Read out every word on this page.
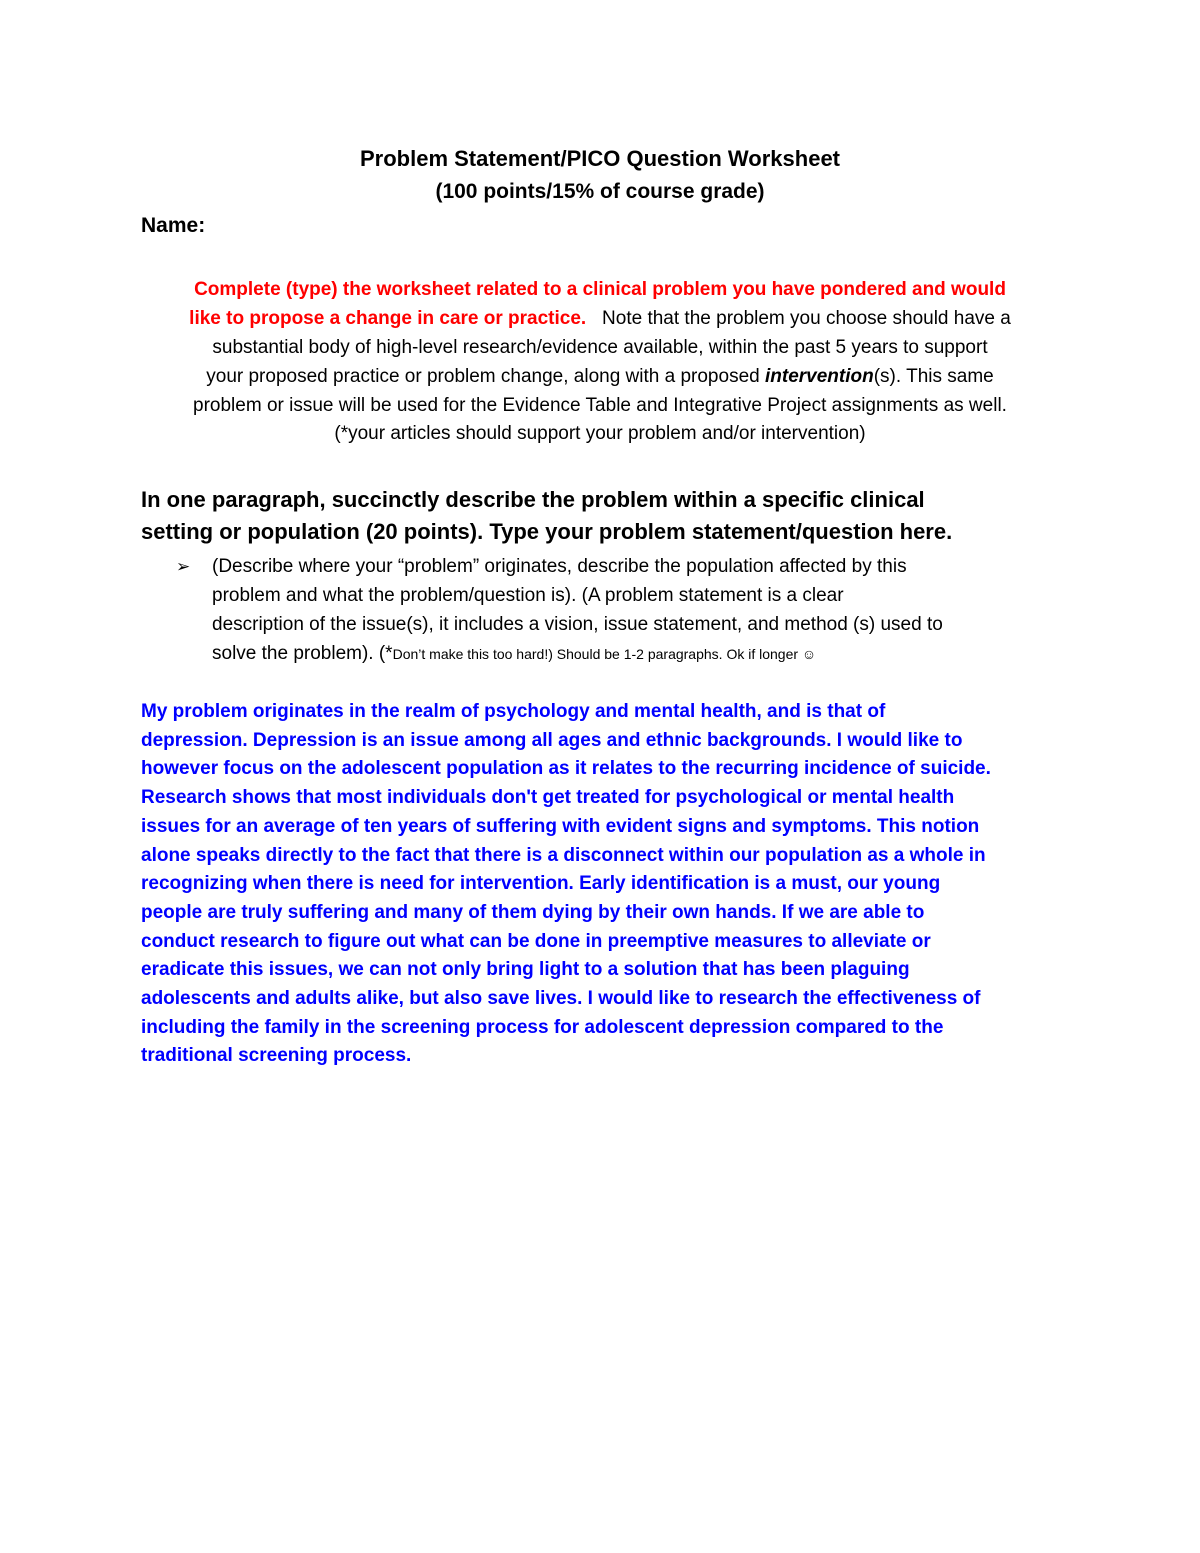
Problem Statement/PICO Question Worksheet
(100 points/15% of course grade)
Name:
Complete (type) the worksheet related to a clinical problem you have pondered and would
like to propose a change in care or practice. Note that the problem you choose should have a
substantial body of high-level research/evidence available, within the past 5 years to support
your proposed practice or problem change, along with a proposed intervention(s). This same
problem or issue will be used for the Evidence Table and Integrative Project assignments as well.
(*your articles should support your problem and/or intervention)
In one paragraph, succinctly describe the problem within a specific clinical
setting or population (20 points). Type your problem statement/question here.
➢ (Describe where your “problem” originates, describe the population affected by this
problem and what the problem/question is). (A problem statement is a clear
description of the issue(s), it includes a vision, issue statement, and method (s) used to
solve the problem). (*Don’t make this too hard!) Should be 1-2 paragraphs. Ok if longer ☺
My problem originates in the realm of psychology and mental health, and is that of
depression. Depression is an issue among all ages and ethnic backgrounds. I would like to
however focus on the adolescent population as it relates to the recurring incidence of suicide.
Research shows that most individuals don't get treated for psychological or mental health
issues for an average of ten years of suffering with evident signs and symptoms. This notion
alone speaks directly to the fact that there is a disconnect within our population as a whole in
recognizing when there is need for intervention. Early identification is a must, our young
people are truly suffering and many of them dying by their own hands. If we are able to
conduct research to figure out what can be done in preemptive measures to alleviate or
eradicate this issues, we can not only bring light to a solution that has been plaguing
adolescents and adults alike, but also save lives. I would like to research the effectiveness of
including the family in the screening process for adolescent depression compared to the
traditional screening process.
